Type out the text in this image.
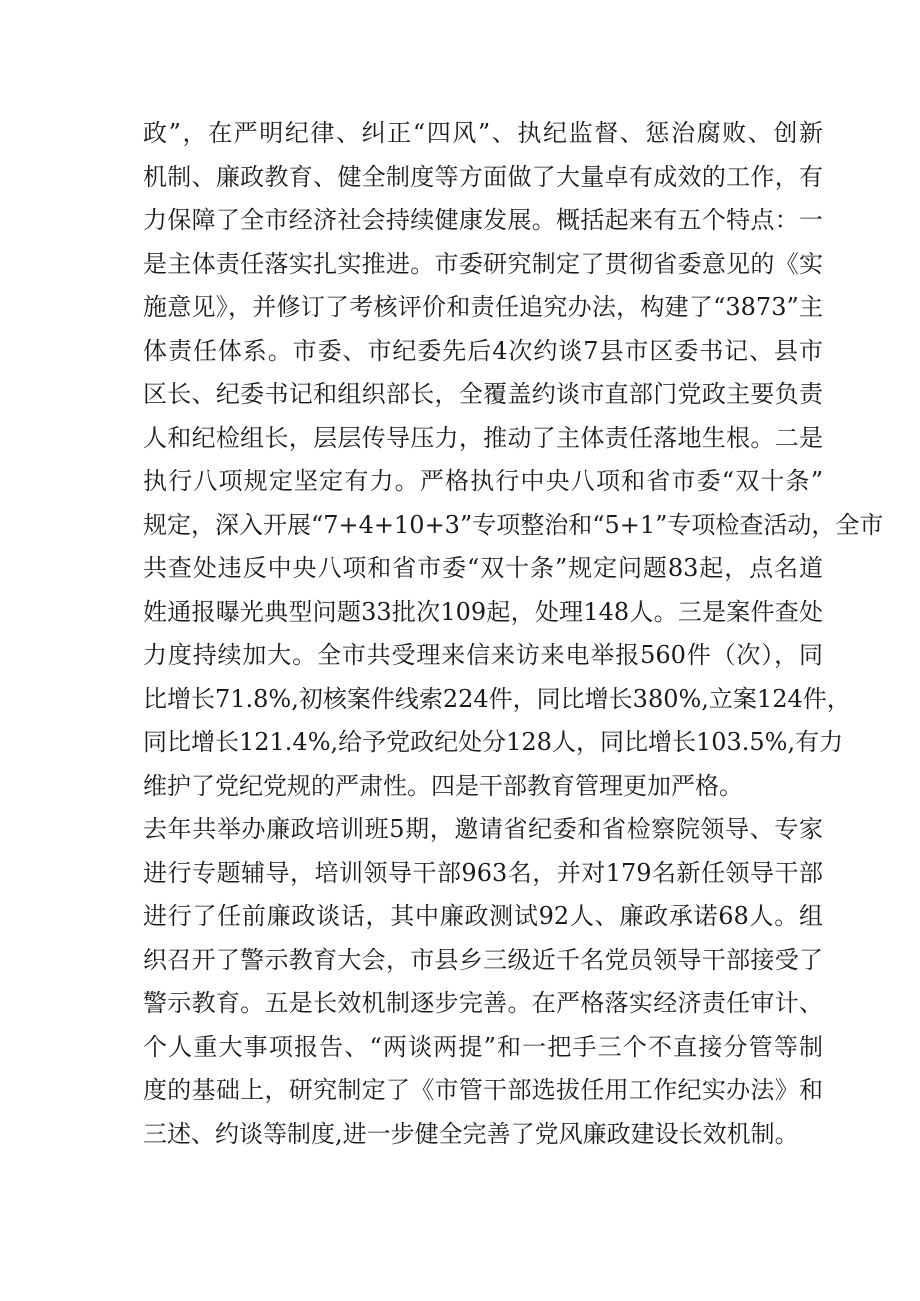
政”，在严明纪律、纠正“四风”、执纪监督、惩治腐败、创新
机制、廉政教育、健全制度等方面做了大量卓有成效的工作，有
力保障了全市经济社会持续健康发展。概括起来有五个特点：一
是主体责任落实扎实推进。市委研究制定了贯彻省委意见的《实
施意见》，并修订了考核评价和责任追究办法，构建了“3873”主
体责任体系。市委、市纪委先后4次约谈7县市区委书记、县市
区长、纪委书记和组织部长，全覆盖约谈市直部门党政主要负责
人和纪检组长，层层传导压力，推动了主体责任落地生根。二是
执行八项规定坚定有力。严格执行中央八项和省市委“双十条”
规定，深入开展“7+4+10+3”专项整治和“5+1”专项检查活动，全市
共查处违反中央八项和省市委“双十条”规定问题83起，点名道
姓通报曝光典型问题33批次109起，处理148人。三是案件查处
力度持续加大。全市共受理来信来访来电举报560件（次），同
比增长71.8%,初核案件线索224件，同比增长380%,立案124件，
同比增长121.4%,给予党政纪处分128人，同比增长103.5%,有力
维护了党纪党规的严肃性。四是干部教育管理更加严格。
去年共举办廉政培训班5期，邀请省纪委和省检察院领导、专家
进行专题辅导，培训领导干部963名，并对179名新任领导干部
进行了任前廉政谈话，其中廉政测试92人、廉政承诺68人。组
织召开了警示教育大会，市县乡三级近千名党员领导干部接受了
警示教育。五是长效机制逐步完善。在严格落实经济责任审计、
个人重大事项报告、“两谈两提”和一把手三个不直接分管等制
度的基础上，研究制定了《市管干部选拔任用工作纪实办法》和
三述、约谈等制度,进一步健全完善了党风廉政建设长效机制。
